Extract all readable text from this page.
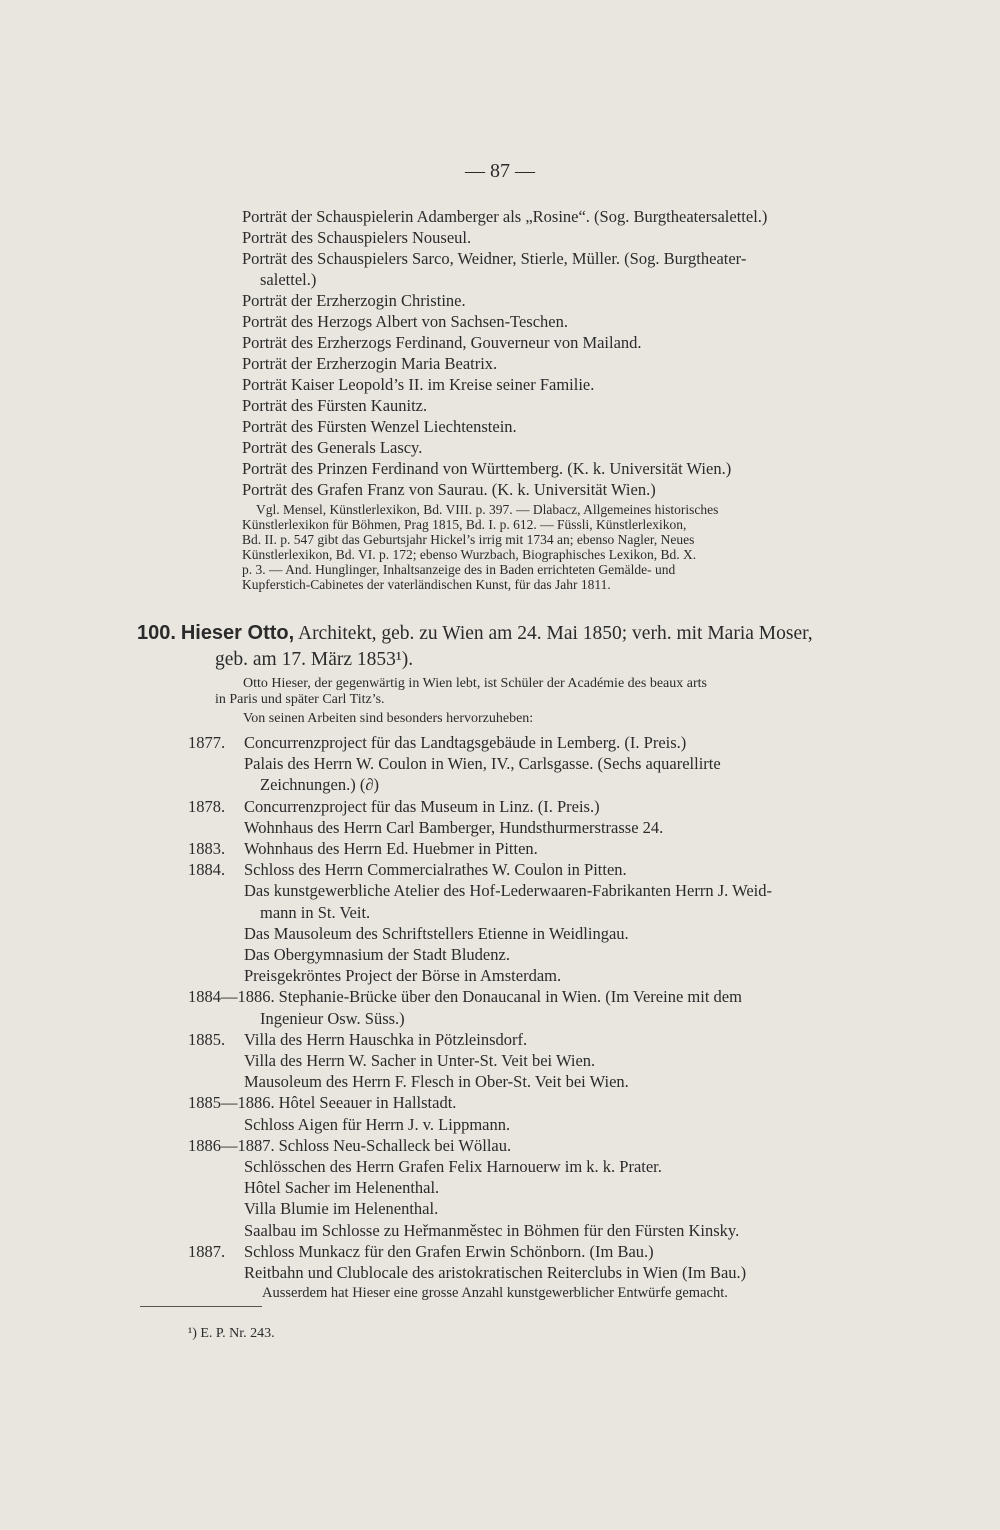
— 87 —
Porträt der Schauspielerin Adamberger als „Rosine“. (Sog. Burgtheatersalettel.)
Porträt des Schauspielers Nouseul.
Porträt des Schauspielers Sarco, Weidner, Stierle, Müller. (Sog. Burgtheater-
salettel.)
Porträt der Erzherzogin Christine.
Porträt des Herzogs Albert von Sachsen-Teschen.
Porträt des Erzherzogs Ferdinand, Gouverneur von Mailand.
Porträt der Erzherzogin Maria Beatrix.
Porträt Kaiser Leopold’s II. im Kreise seiner Familie.
Porträt des Fürsten Kaunitz.
Porträt des Fürsten Wenzel Liechtenstein.
Porträt des Generals Lascy.
Porträt des Prinzen Ferdinand von Württemberg. (K. k. Universität Wien.)
Porträt des Grafen Franz von Saurau. (K. k. Universität Wien.)
Vgl. Mensel, Künstlerlexikon, Bd. VIII. p. 397. — Dlabacz, Allgemeines historisches
Künstlerlexikon für Böhmen, Prag 1815, Bd. I. p. 612. — Füssli, Künstlerlexikon,
Bd. II. p. 547 gibt das Geburtsjahr Hickel’s irrig mit 1734 an; ebenso Nagler, Neues
Künstlerlexikon, Bd. VI. p. 172; ebenso Wurzbach, Biographisches Lexikon, Bd. X.
p. 3. — And. Hunglinger, Inhaltsanzeige des in Baden errichteten Gemälde- und
Kupferstich-Cabinetes der vaterländischen Kunst, für das Jahr 1811.
100. Hieser Otto, Architekt, geb. zu Wien am 24. Mai 1850; verh. mit Maria Moser,
geb. am 17. März 1853¹).
Otto Hieser, der gegenwärtig in Wien lebt, ist Schüler der Académie des beaux arts
in Paris und später Carl Titz’s.
Von seinen Arbeiten sind besonders hervorzuheben:
1877. Concurrenzproject für das Landtagsgebäude in Lemberg. (I. Preis.)
Palais des Herrn W. Coulon in Wien, IV., Carlsgasse. (Sechs aquarellirte
Zeichnungen.) (∂)
1878. Concurrenzproject für das Museum in Linz. (I. Preis.)
Wohnhaus des Herrn Carl Bamberger, Hundsthurmerstrasse 24.
1883. Wohnhaus des Herrn Ed. Huebmer in Pitten.
1884. Schloss des Herrn Commercialrathes W. Coulon in Pitten.
Das kunstgewerbliche Atelier des Hof-Lederwaaren-Fabrikanten Herrn J. Weid-
mann in St. Veit.
Das Mausoleum des Schriftstellers Etienne in Weidlingau.
Das Obergymnasium der Stadt Bludenz.
Preisgekröntes Project der Börse in Amsterdam.
1884—1886. Stephanie-Brücke über den Donaucanal in Wien. (Im Vereine mit dem
Ingenieur Osw. Süss.)
1885. Villa des Herrn Hauschka in Pötzleinsdorf.
Villa des Herrn W. Sacher in Unter-St. Veit bei Wien.
Mausoleum des Herrn F. Flesch in Ober-St. Veit bei Wien.
1885—1886. Hôtel Seeauer in Hallstadt.
Schloss Aigen für Herrn J. v. Lippmann.
1886—1887. Schloss Neu-Schalleck bei Wöllau.
Schlösschen des Herrn Grafen Felix Harnouerw im k. k. Prater.
Hôtel Sacher im Helenenthal.
Villa Blumie im Helenenthal.
Saalbau im Schlosse zu Heřmanměstec in Böhmen für den Fürsten Kinsky.
1887. Schloss Munkacz für den Grafen Erwin Schönborn. (Im Bau.)
Reitbahn und Clublocale des aristokratischen Reiterclubs in Wien (Im Bau.)
Ausserdem hat Hieser eine grosse Anzahl kunstgewerblicher Entwürfe gemacht.
¹) E. P. Nr. 243.
